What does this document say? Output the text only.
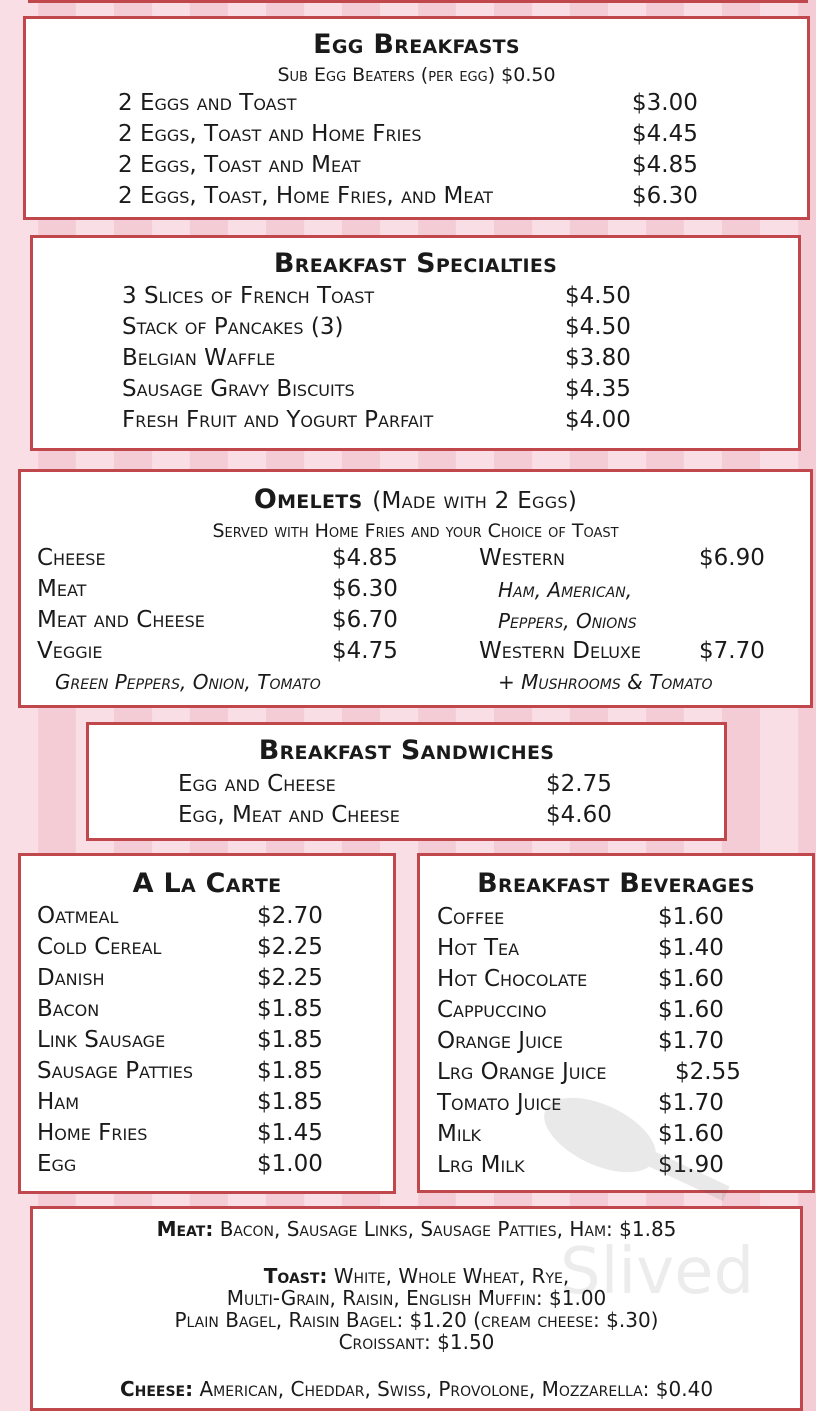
Egg Breakfasts
Sub Egg Beaters (per egg) $0.50
2 Eggs and Toast	$3.00
2 Eggs, Toast and Home Fries	$4.45
2 Eggs, Toast and Meat	$4.85
2 Eggs, Toast, Home Fries, and Meat	$6.30
Breakfast Specialties
3 Slices of French Toast	$4.50
Stack of Pancakes (3)	$4.50
Belgian Waffle	$3.80
Sausage Gravy Biscuits	$4.35
Fresh Fruit and Yogurt Parfait	$4.00
Omelets (Made with 2 Eggs)
Served with Home Fries and your Choice of Toast
Cheese	$4.85
Meat	$6.30
Meat and Cheese	$6.70
Veggie	$4.75
Green Peppers, Onion, Tomato
Western	$6.90
Ham, American,
Peppers, Onions
Western Deluxe	$7.70
+ Mushrooms & Tomato
Breakfast Sandwiches
Egg and Cheese	$2.75
Egg, Meat and Cheese	$4.60
A La Carte
Oatmeal	$2.70
Cold Cereal	$2.25
Danish	$2.25
Bacon	$1.85
Link Sausage	$1.85
Sausage Patties	$1.85
Ham	$1.85
Home Fries	$1.45
Egg	$1.00
Breakfast Beverages
Coffee	$1.60
Hot Tea	$1.40
Hot Chocolate	$1.60
Cappuccino	$1.60
Orange Juice	$1.70
Lrg Orange Juice	$2.55
Tomato Juice	$1.70
Milk	$1.60
Lrg Milk	$1.90
Meat: Bacon, Sausage Links, Sausage Patties, Ham: $1.85
Toast: White, Whole Wheat, Rye,
Multi-Grain, Raisin, English Muffin: $1.00
Plain Bagel, Raisin Bagel: $1.20 (cream cheese: $.30)
Croissant: $1.50
Cheese: American, Cheddar, Swiss, Provolone, Mozzarella: $0.40
Slived
